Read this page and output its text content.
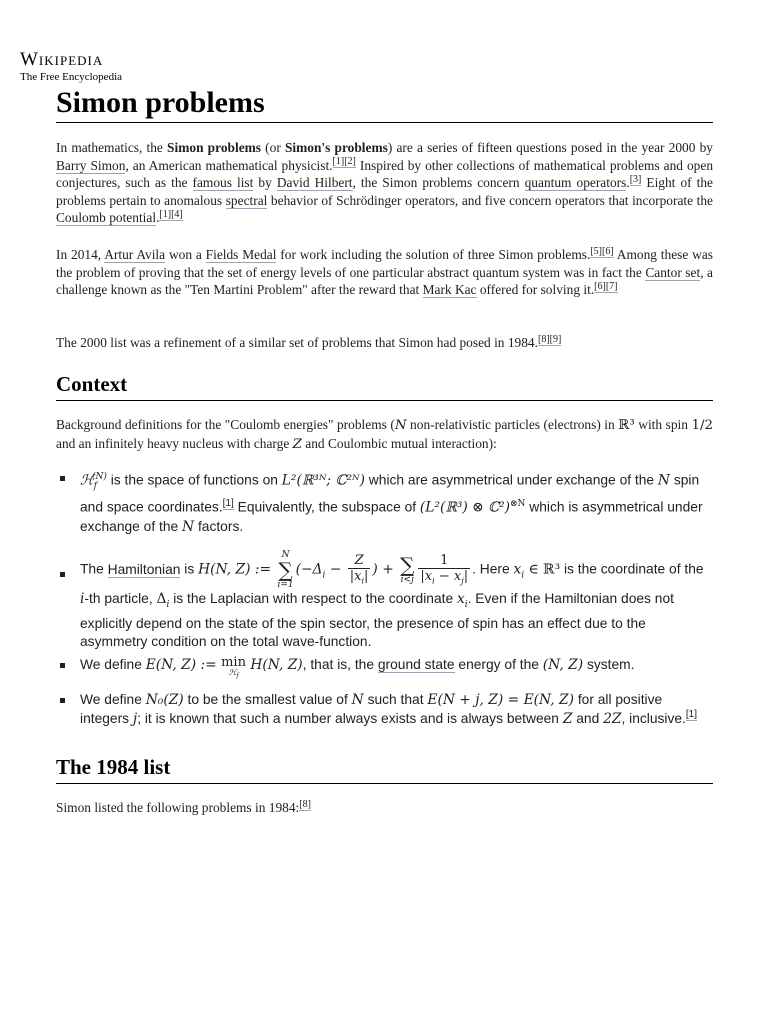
Wikipedia
The Free Encyclopedia
Simon problems

In mathematics, the Simon problems (or Simon's problems) are a series of fifteen questions posed in the year 2000 by Barry Simon, an American mathematical physicist.[1][2] Inspired by other collections of mathematical problems and open conjectures, such as the famous list by David Hilbert, the Simon problems concern quantum operators.[3] Eight of the problems pertain to anomalous spectral behavior of Schrödinger operators, and five concern operators that incorporate the Coulomb potential.[1][4]

In 2014, Artur Avila won a Fields Medal for work including the solution of three Simon problems.[5][6] Among these was the problem of proving that the set of energy levels of one particular abstract quantum system was in fact the Cantor set, a challenge known as the "Ten Martini Problem" after the reward that Mark Kac offered for solving it.[6][7]

The 2000 list was a refinement of a similar set of problems that Simon had posed in 1984.[8][9]

Context

Background definitions for the "Coulomb energies" problems (N non-relativistic particles (electrons) in ℝ³ with spin 1/2 and an infinitely heavy nucleus with charge Z and Coulombic mutual interaction):

ℋ$_f^{(N)}$ is the space of functions on L²(ℝ³ᴺ; ℂ²ᴺ) which are asymmetrical under exchange of the N spin and space coordinates.[1] Equivalently, the subspace of (L²(ℝ³) ⊗ ℂ²)$^{\otimes N}$ which is asymmetrical under exchange of the N factors.
The Hamiltonian is H(N, Z) :=
N
∑
i=1
($-\Delta_i - \frac{Z}{|x_i|}$ ) + ∑
$i<j \frac{1}{|x_i - x_j|}$ . Here $x_i$ ∈ ℝ³ is the coordinate of the i-th particle, $\Delta_i$ is the Laplacian with respect to the coordinate $x_i$. Even if the Hamiltonian does not explicitly depend on the state of the spin sector, the presence of spin has an effect due to the asymmetry condition on the total wave-function.
We define E(N, Z) := min
ℋ$_f$
H(N, Z), that is, the ground state energy of the (N, Z) system.
We define N₀(Z) to be the smallest value of N such that E(N + j, Z) = E(N, Z) for all positive integers j; it is known that such a number always exists and is always between Z and 2Z, inclusive.[1]
The 1984 list

Simon listed the following problems in 1984:[8]
